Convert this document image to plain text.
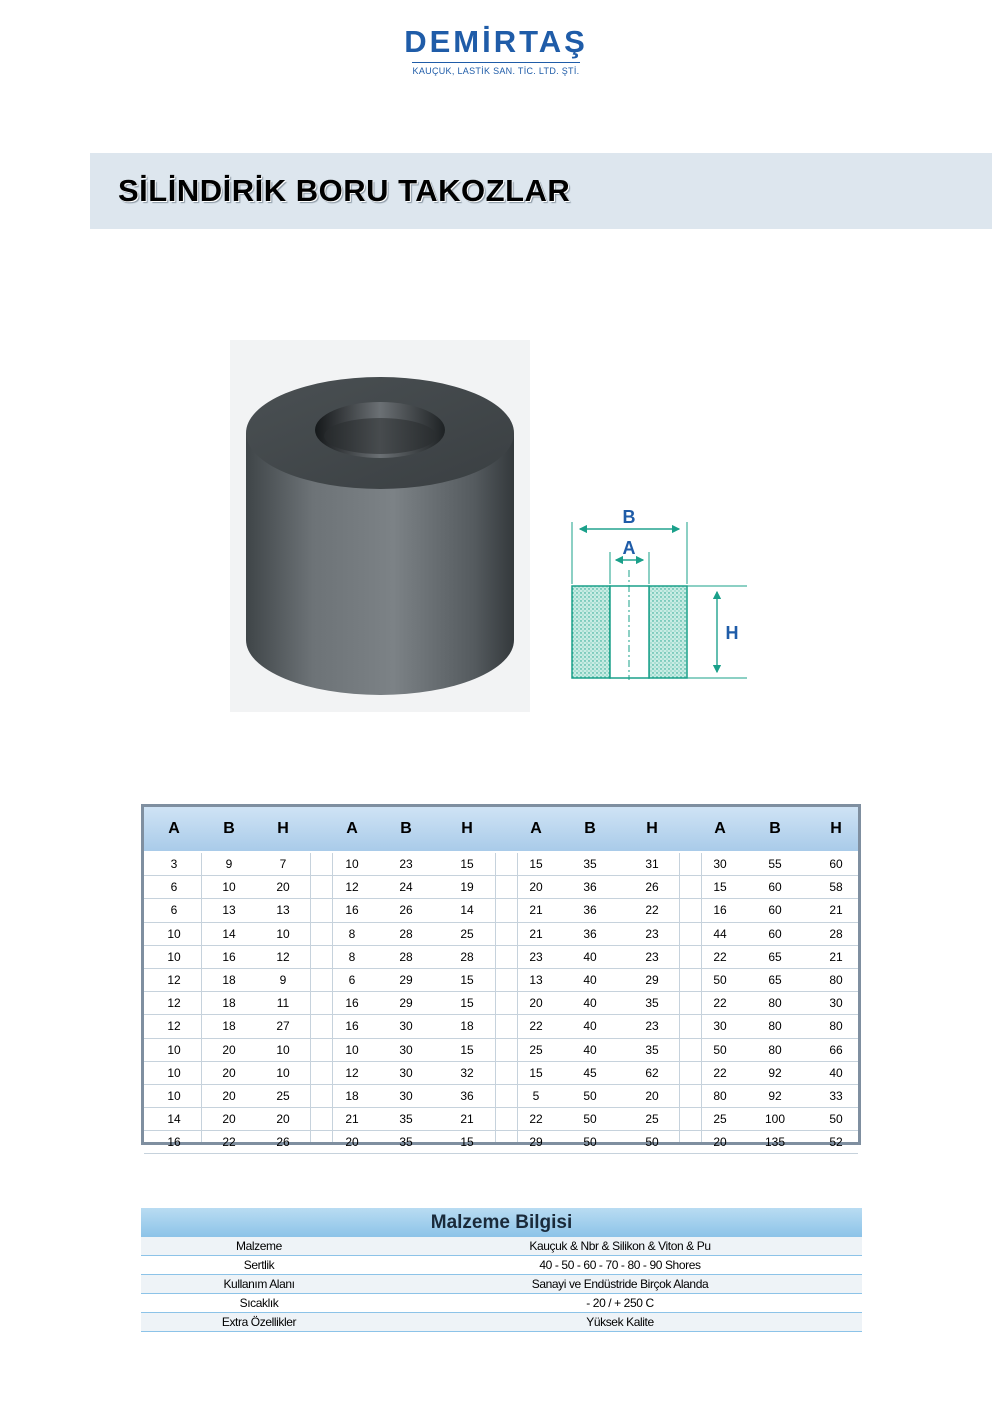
DEMİRTAŞ
KAUÇUK, LASTİK SAN. TİC. LTD. ŞTİ.
SİLİNDİRİK BORU TAKOZLAR
B
A
H
A	B	H	A	B	H	A	B	H	A	B	H
3	9	7	10	23	15	15	35	31	30	55	60
6	10	20	12	24	19	20	36	26	15	60	58
6	13	13	16	26	14	21	36	22	16	60	21
10	14	10	8	28	25	21	36	23	44	60	28
10	16	12	8	28	28	23	40	23	22	65	21
12	18	9	6	29	15	13	40	29	50	65	80
12	18	11	16	29	15	20	40	35	22	80	30
12	18	27	16	30	18	22	40	23	30	80	80
10	20	10	10	30	15	25	40	35	50	80	66
10	20	10	12	30	32	15	45	62	22	92	40
10	20	25	18	30	36	5	50	20	80	92	33
14	20	20	21	35	21	22	50	25	25	100	50
16	22	26	20	35	15	29	50	50	20	135	52
Malzeme Bilgisi
Malzeme	Kauçuk & Nbr & Silikon & Viton & Pu
Sertlik	40 - 50 - 60 - 70 - 80 - 90 Shores
Kullanım Alanı	Sanayi ve Endüstride Birçok Alanda
Sıcaklık	- 20 / + 250 C
Extra Özellikler	Yüksek Kalite
